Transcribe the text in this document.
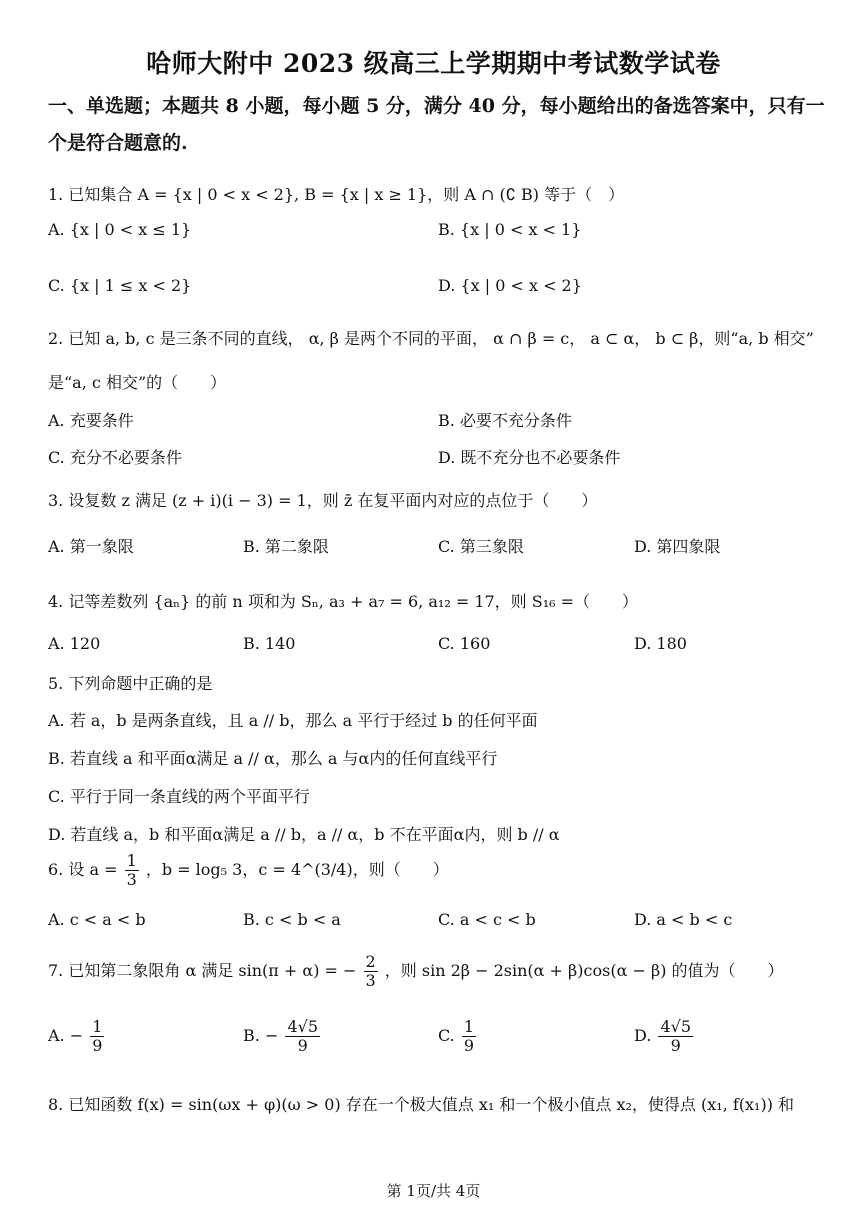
哈师大附中 2023 级高三上学期期中考试数学试卷
一、单选题；本题共 8 小题，每小题 5 分，满分 40 分，每小题给出的备选答案中，只有一个是符合题意的.
1. 已知集合 A = {x | 0 < x < 2}, B = {x | x ≥ 1}，则 A ∩ (∁ B) 等于（　）
A. {x | 0 < x ≤ 1}	B. {x | 0 < x < 1}
C. {x | 1 ≤ x < 2}	D. {x | 0 < x < 2}
2. 已知 a, b, c 是三条不同的直线， α, β 是两个不同的平面， α ∩ β = c， a ⊂ α， b ⊂ β，则“a, b 相交”
是“a, c 相交”的（　　）
A. 充要条件	B. 必要不充分条件
C. 充分不必要条件	D. 既不充分也不必要条件
3. 设复数 z 满足 (z + i)(i − 3) = 1，则 z̄ 在复平面内对应的点位于（　　）
A. 第一象限	B. 第二象限	C. 第三象限	D. 第四象限
4. 记等差数列 {aₙ} 的前 n 项和为 Sₙ, a₃ + a₇ = 6, a₁₂ = 17，则 S₁₆ =（　　）
A. 120	B. 140	C. 160	D. 180
5. 下列命题中正确的是
A. 若 a，b 是两条直线，且 a // b，那么 a 平行于经过 b 的任何平面
B. 若直线 a 和平面α满足 a // α，那么 a 与α内的任何直线平行
C. 平行于同一条直线的两个平面平行
D. 若直线 a，b 和平面α满足 a // b，a // α，b 不在平面α内，则 b // α
6. 设 $a = \frac{1}{3}$ ，b = log₅ 3，c = 4^(3/4)，则（　　）
A. c < a < b	B. c < b < a	C. a < c < b	D. a < b < c
7. 已知第二象限角 α 满足 sin(π + α) = − $\frac{2}{3}$ ，则 sin 2β − 2sin(α + β)cos(α − β) 的值为（　　）
A. − $\frac{1}{9}$	B. − $\frac{4√5}{9}$	C. $\frac{1}{9}$	D. $\frac{4√5}{9}$
8. 已知函数 f(x) = sin(ωx + φ)(ω > 0) 存在一个极大值点 x₁ 和一个极小值点 x₂，使得点 (x₁, f(x₁)) 和
第 1页/共 4页
